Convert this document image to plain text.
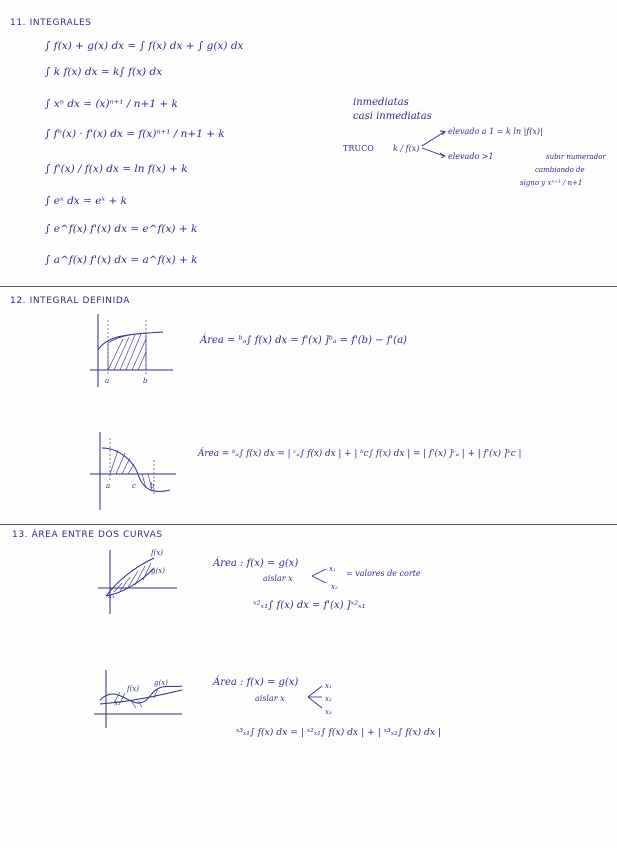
11. INTEGRALES
∫ f(x) + g(x) dx = ∫ f(x) dx + ∫ g(x) dx
∫ k f(x) dx = k∫ f(x) dx
∫ xⁿ dx = (x)ⁿ⁺¹ / n+1 + k
∫ fⁿ(x) · f'(x) dx = f(x)ⁿ⁺¹ / n+1 + k
∫ f'(x) / f(x) dx = ln f(x) + k
∫ eˣ dx = eˣ + k
∫ e^f(x) f'(x) dx = e^f(x) + k
∫ a^f(x) f'(x) dx = a^f(x) + k
inmediatas
casi inmediatas
TRUCO k / f(x)
elevado a 1 = k ln |f(x)|
elevado >1	subir numerador
cambiando de
signo y xⁿ⁺¹ / n+1
12. INTEGRAL DEFINIDA
a	b
Área = ᵇₐ∫ f(x) dx = f'(x) ]ᵇₐ = f'(b) − f'(a)
a	c b
Área = ᵇₐ∫ f(x) dx = | ᶜₐ∫ f(x) dx | + | ᵇc∫ f(x) dx | = | f'(x) ]ᶜₐ | + | f'(x) ]ᵇc |
13. ÁREA ENTRE DOS CURVAS
f(x)
g(x)
x₁
Área : f(x) = g(x)
aislar x
x₁
x₂
= valores de corte
ˣ²ₓ₁∫ f(x) dx = f'(x) ]ˣ²ₓ₁
f(x)
g(x)
x₁
Área : f(x) = g(x)
aislar x
x₁
x₂
x₃
ˣ³ₓ₁∫ f(x) dx = | ˣ²ₓ₁∫ f(x) dx | + | ˣ³ₓ₂∫ f(x) dx |
